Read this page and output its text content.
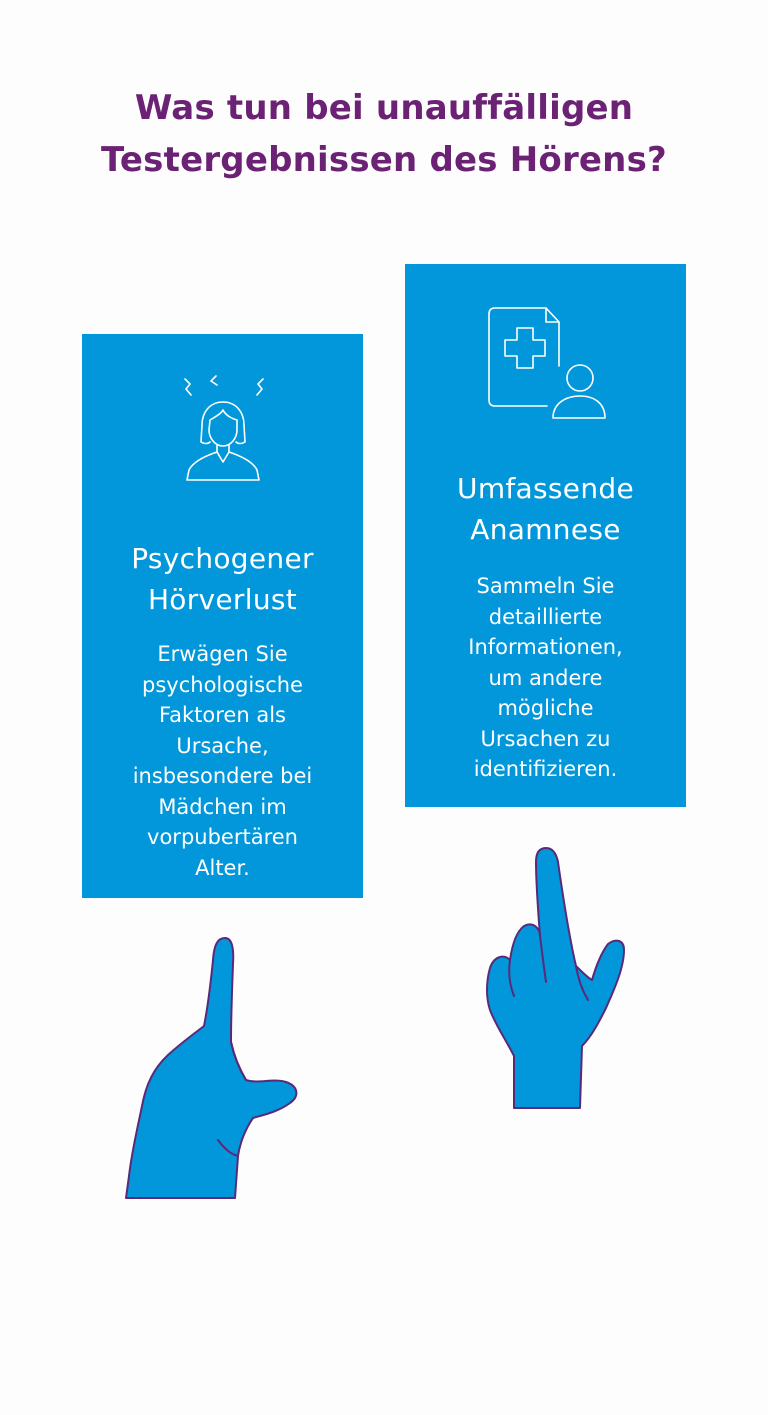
Was tun bei unauffälligen
Testergebnissen des Hörens?
Psychogener
Hörverlust

Erwägen Sie
psychologische
Faktoren als
Ursache,
insbesondere bei
Mädchen im
vorpubertären
Alter.

Umfassende
Anamnese

Sammeln Sie
detaillierte
Informationen,
um andere
mögliche
Ursachen zu
identifizieren.
